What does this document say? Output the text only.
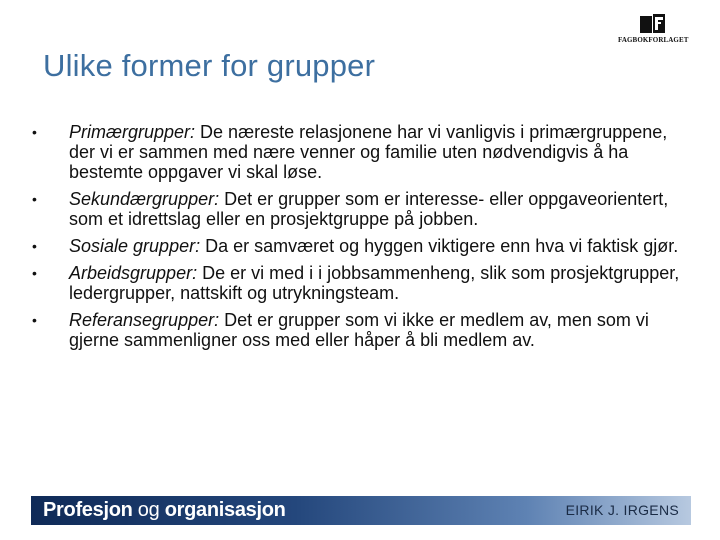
FAGBOKFORLAGET
Ulike former for grupper
•	Primærgrupper: De næreste relasjonene har vi vanligvis i primærgruppene, der vi er sammen med nære venner og familie uten nødvendigvis å ha bestemte oppgaver vi skal løse.
•	Sekundærgrupper: Det er grupper som er interesse- eller oppgaveorientert, som et idrettslag eller en prosjektgruppe på jobben.
•	Sosiale grupper: Da er samværet og hyggen viktigere enn hva vi faktisk gjør.
•	Arbeidsgrupper: De er vi med i i jobbsammenheng, slik som prosjektgrupper, ledergrupper, nattskift og utrykningsteam.
•	Referansegrupper: Det er grupper som vi ikke er medlem av, men som vi gjerne sammenligner oss med eller håper å bli medlem av.
Profesjon og organisasjon	EIRIK J. IRGENS
